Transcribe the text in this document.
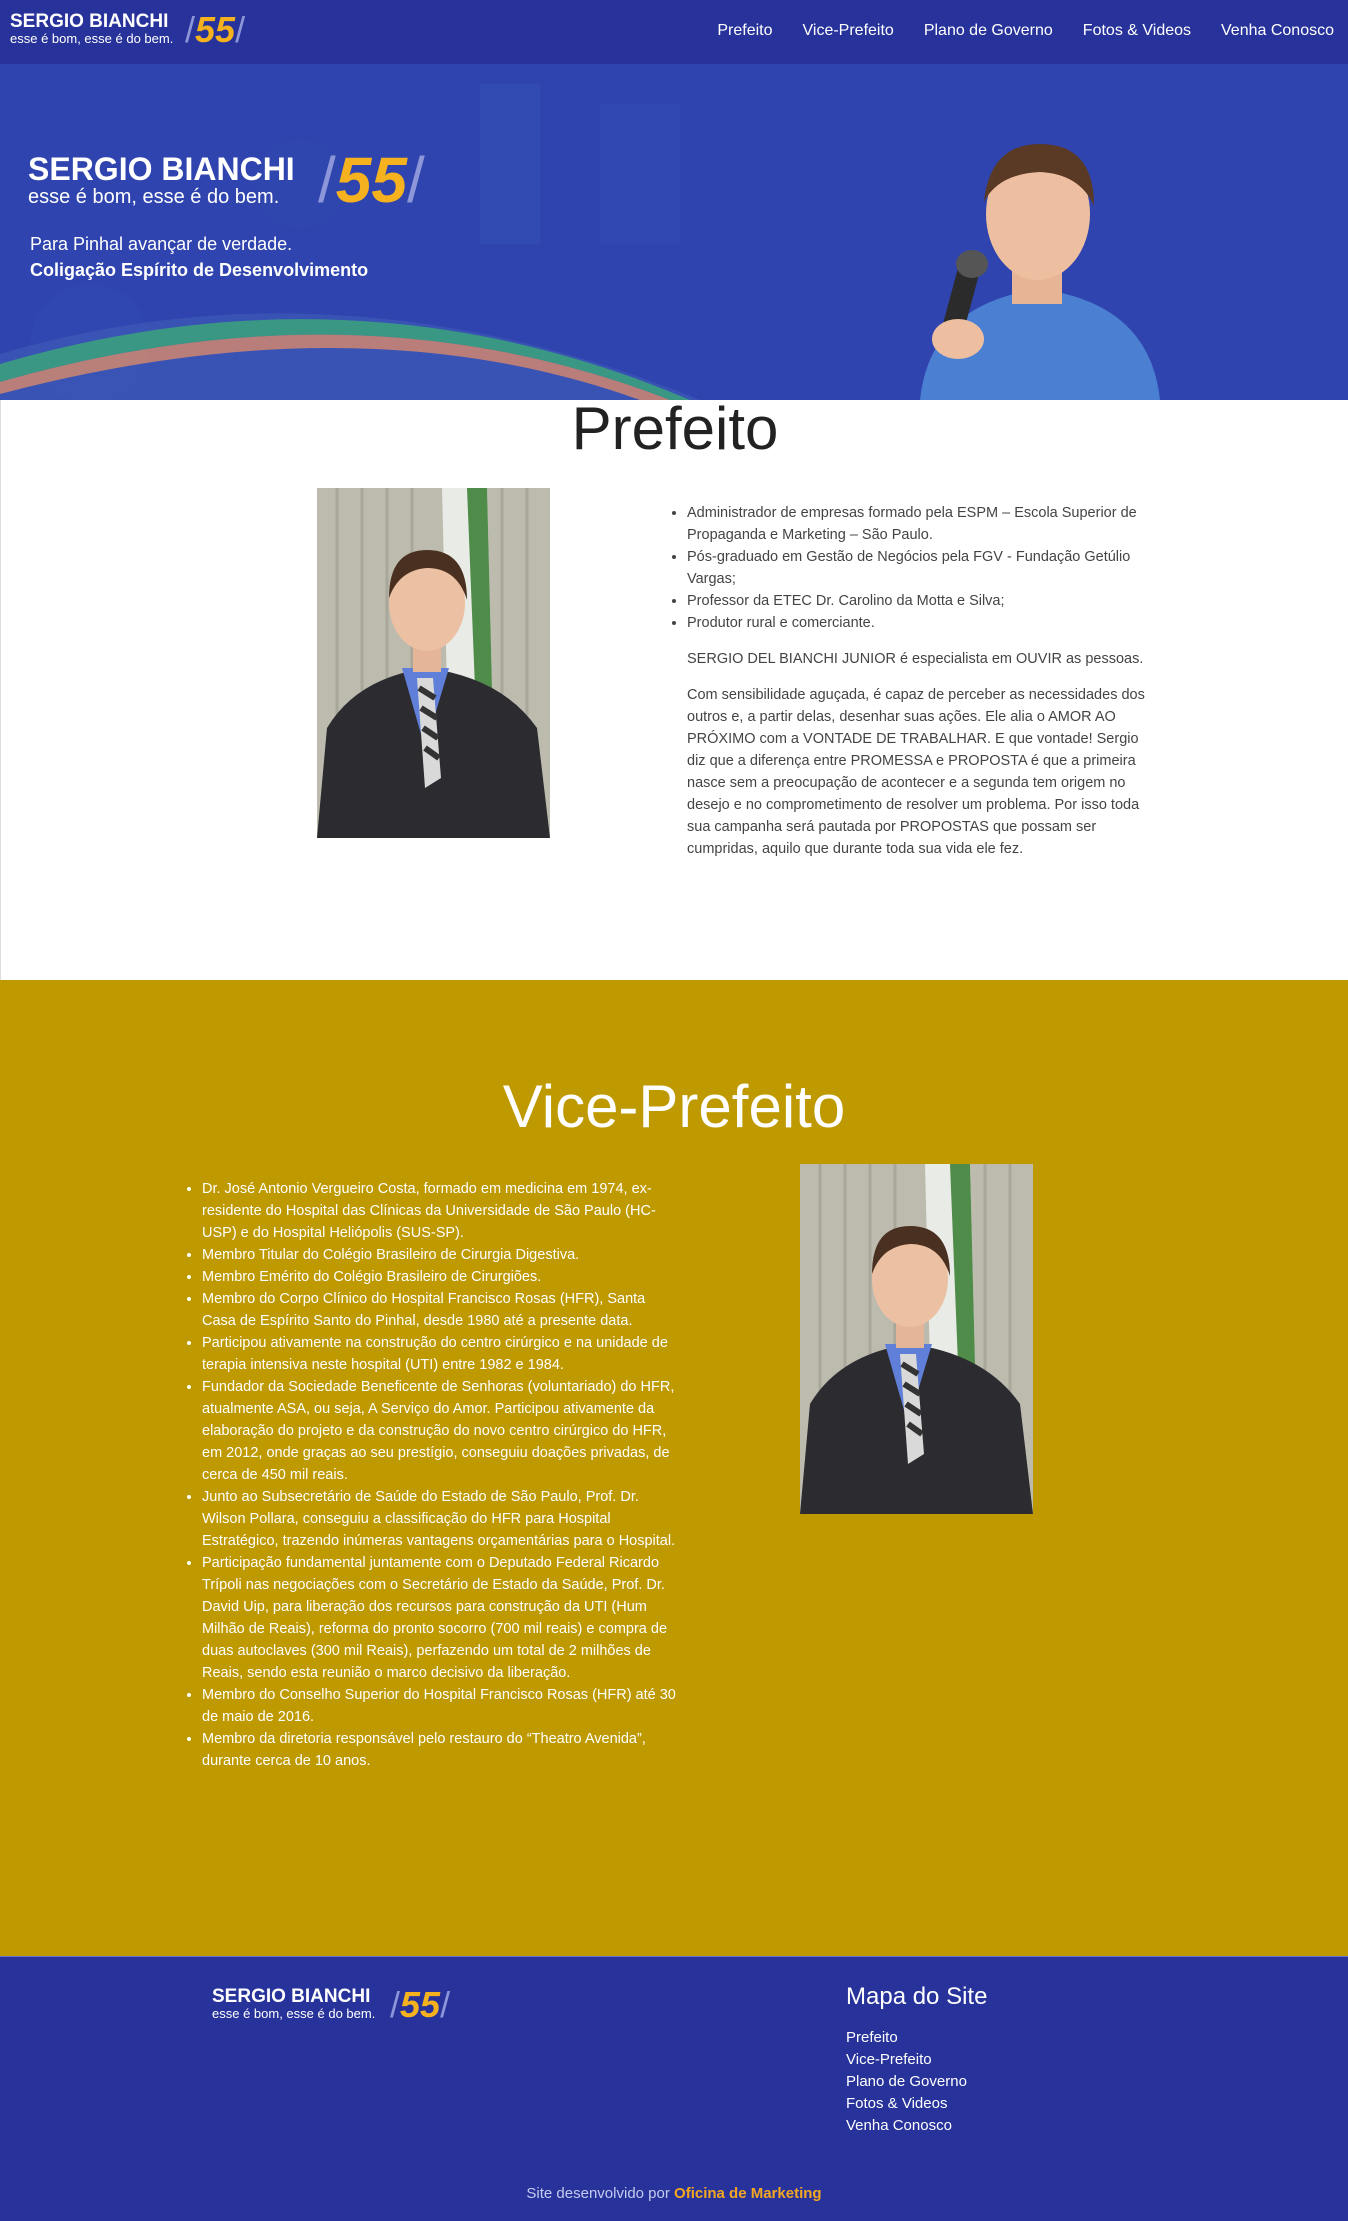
SERGIO BIANCHI
esse é bom, esse é do bem. /55/	Prefeito Vice-Prefeito Plano de Governo Fotos & Videos Venha Conosco
SERGIO BIANCHI
esse é bom, esse é do bem. /55/
Para Pinhal avançar de verdade.
Coligação Espírito de Desenvolvimento
Prefeito
• Administrador de empresas formado pela ESPM – Escola Superior de Propaganda e Marketing – São Paulo.
• Pós-graduado em Gestão de Negócios pela FGV - Fundação Getúlio Vargas;
• Professor da ETEC Dr. Carolino da Motta e Silva;
• Produtor rural e comerciante.

SERGIO DEL BIANCHI JUNIOR é especialista em OUVIR as pessoas.

Com sensibilidade aguçada, é capaz de perceber as necessidades dos outros e, a partir delas, desenhar suas ações. Ele alia o AMOR AO PRÓXIMO com a VONTADE DE TRABALHAR. E que vontade! Sergio diz que a diferença entre PROMESSA e PROPOSTA é que a primeira nasce sem a preocupação de acontecer e a segunda tem origem no desejo e no comprometimento de resolver um problema. Por isso toda sua campanha será pautada por PROPOSTAS que possam ser cumpridas, aquilo que durante toda sua vida ele fez.

Vice-Prefeito
• Dr. José Antonio Vergueiro Costa, formado em medicina em 1974, ex-residente do Hospital das Clínicas da Universidade de São Paulo (HC-USP) e do Hospital Heliópolis (SUS-SP).
• Membro Titular do Colégio Brasileiro de Cirurgia Digestiva.
• Membro Emérito do Colégio Brasileiro de Cirurgiões.
• Membro do Corpo Clínico do Hospital Francisco Rosas (HFR), Santa Casa de Espírito Santo do Pinhal, desde 1980 até a presente data.
• Participou ativamente na construção do centro cirúrgico e na unidade de terapia intensiva neste hospital (UTI) entre 1982 e 1984.
• Fundador da Sociedade Beneficente de Senhoras (voluntariado) do HFR, atualmente ASA, ou seja, A Serviço do Amor. Participou ativamente da elaboração do projeto e da construção do novo centro cirúrgico do HFR, em 2012, onde graças ao seu prestígio, conseguiu doações privadas, de cerca de 450 mil reais.
• Junto ao Subsecretário de Saúde do Estado de São Paulo, Prof. Dr. Wilson Pollara, conseguiu a classificação do HFR para Hospital Estratégico, trazendo inúmeras vantagens orçamentárias para o Hospital.
• Participação fundamental juntamente com o Deputado Federal Ricardo Trípoli nas negociações com o Secretário de Estado da Saúde, Prof. Dr. David Uip, para liberação dos recursos para construção da UTI (Hum Milhão de Reais), reforma do pronto socorro (700 mil reais) e compra de duas autoclaves (300 mil Reais), perfazendo um total de 2 milhões de Reais, sendo esta reunião o marco decisivo da liberação.
• Membro do Conselho Superior do Hospital Francisco Rosas (HFR) até 30 de maio de 2016.
• Membro da diretoria responsável pelo restauro do “Theatro Avenida”, durante cerca de 10 anos.
SERGIO BIANCHI
esse é bom, esse é do bem. /55/	Mapa do Site
Prefeito
Vice-Prefeito
Plano de Governo
Fotos & Videos
Venha Conosco
Site desenvolvido por Oficina de Marketing
